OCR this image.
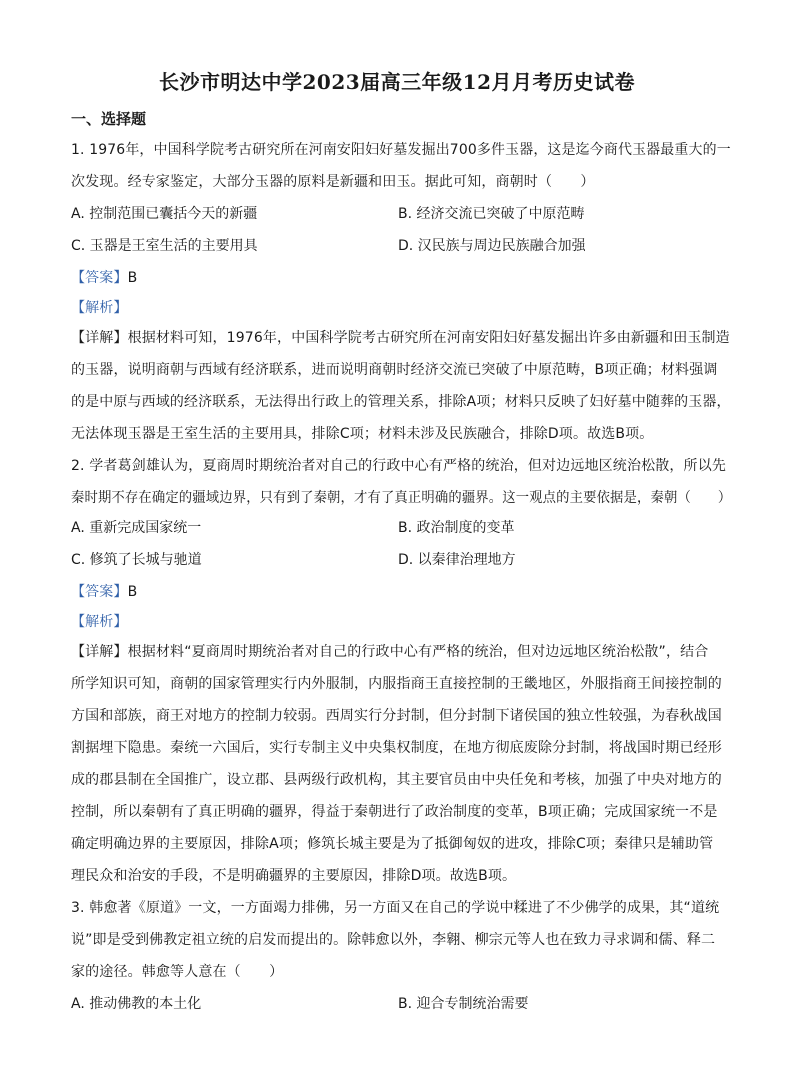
长沙市明达中学2023届高三年级12月月考历史试卷
一、选择题
1. 1976年，中国科学院考古研究所在河南安阳妇好墓发掘出700多件玉器，这是迄今商代玉器最重大的一
次发现。经专家鉴定，大部分玉器的原料是新疆和田玉。据此可知，商朝时（　　）
A. 控制范围已囊括今天的新疆	B. 经济交流已突破了中原范畴
C. 玉器是王室生活的主要用具	D. 汉民族与周边民族融合加强
【答案】B
【解析】
【详解】根据材料可知，1976年，中国科学院考古研究所在河南安阳妇好墓发掘出许多由新疆和田玉制造
的玉器，说明商朝与西域有经济联系，进而说明商朝时经济交流已突破了中原范畴，B项正确；材料强调
的是中原与西域的经济联系，无法得出行政上的管理关系，排除A项；材料只反映了妇好墓中随葬的玉器，
无法体现玉器是王室生活的主要用具，排除C项；材料未涉及民族融合，排除D项。故选B项。
2. 学者葛剑雄认为，夏商周时期统治者对自己的行政中心有严格的统治，但对边远地区统治松散，所以先
秦时期不存在确定的疆域边界，只有到了秦朝，才有了真正明确的疆界。这一观点的主要依据是，秦朝（　　）
A. 重新完成国家统一	B. 政治制度的变革
C. 修筑了长城与驰道	D. 以秦律治理地方
【答案】B
【解析】
【详解】根据材料“夏商周时期统治者对自己的行政中心有严格的统治，但对边远地区统治松散”，结合
所学知识可知，商朝的国家管理实行内外服制，内服指商王直接控制的王畿地区，外服指商王间接控制的
方国和部族，商王对地方的控制力较弱。西周实行分封制，但分封制下诸侯国的独立性较强，为春秋战国
割据埋下隐患。秦统一六国后，实行专制主义中央集权制度，在地方彻底废除分封制，将战国时期已经形
成的郡县制在全国推广，设立郡、县两级行政机构，其主要官员由中央任免和考核，加强了中央对地方的
控制，所以秦朝有了真正明确的疆界，得益于秦朝进行了政治制度的变革，B项正确；完成国家统一不是
确定明确边界的主要原因，排除A项；修筑长城主要是为了抵御匈奴的进攻，排除C项；秦律只是辅助管
理民众和治安的手段，不是明确疆界的主要原因，排除D项。故选B项。
3. 韩愈著《原道》一文，一方面竭力排佛，另一方面又在自己的学说中糅进了不少佛学的成果，其“道统
说”即是受到佛教定祖立统的启发而提出的。除韩愈以外，李翱、柳宗元等人也在致力寻求调和儒、释二
家的途径。韩愈等人意在（　　）
A. 推动佛教的本土化	B. 迎合专制统治需要
